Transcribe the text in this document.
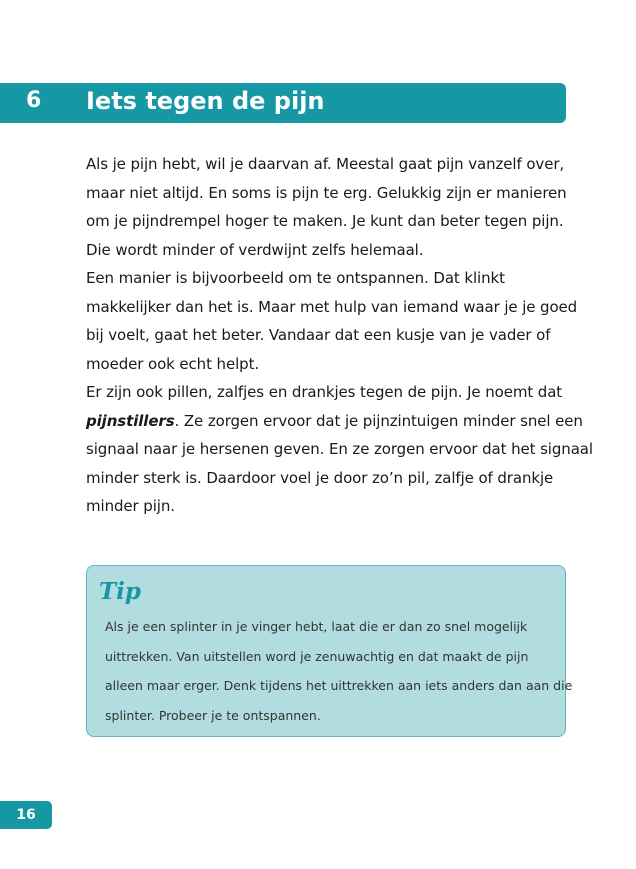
6 Iets tegen de pijn

Als je pijn hebt, wil je daarvan af. Meestal gaat pijn vanzelf over,
maar niet altijd. En soms is pijn te erg. Gelukkig zijn er manieren
om je pijndrempel hoger te maken. Je kunt dan beter tegen pijn.
Die wordt minder of verdwijnt zelfs helemaal.
Een manier is bijvoorbeeld om te ontspannen. Dat klinkt
makkelijker dan het is. Maar met hulp van iemand waar je je goed
bij voelt, gaat het beter. Vandaar dat een kusje van je vader of
moeder ook echt helpt.
Er zijn ook pillen, zalfjes en drankjes tegen de pijn. Je noemt dat
pijnstillers. Ze zorgen ervoor dat je pijnzintuigen minder snel een
signaal naar je hersenen geven. En ze zorgen ervoor dat het signaal
minder sterk is. Daardoor voel je door zo’n pil, zalfje of drankje
minder pijn.

Tip

Als je een splinter in je vinger hebt, laat die er dan zo snel mogelijk
uittrekken. Van uitstellen word je zenuwachtig en dat maakt de pijn
alleen maar erger. Denk tijdens het uittrekken aan iets anders dan aan die
splinter. Probeer je te ontspannen.

16
